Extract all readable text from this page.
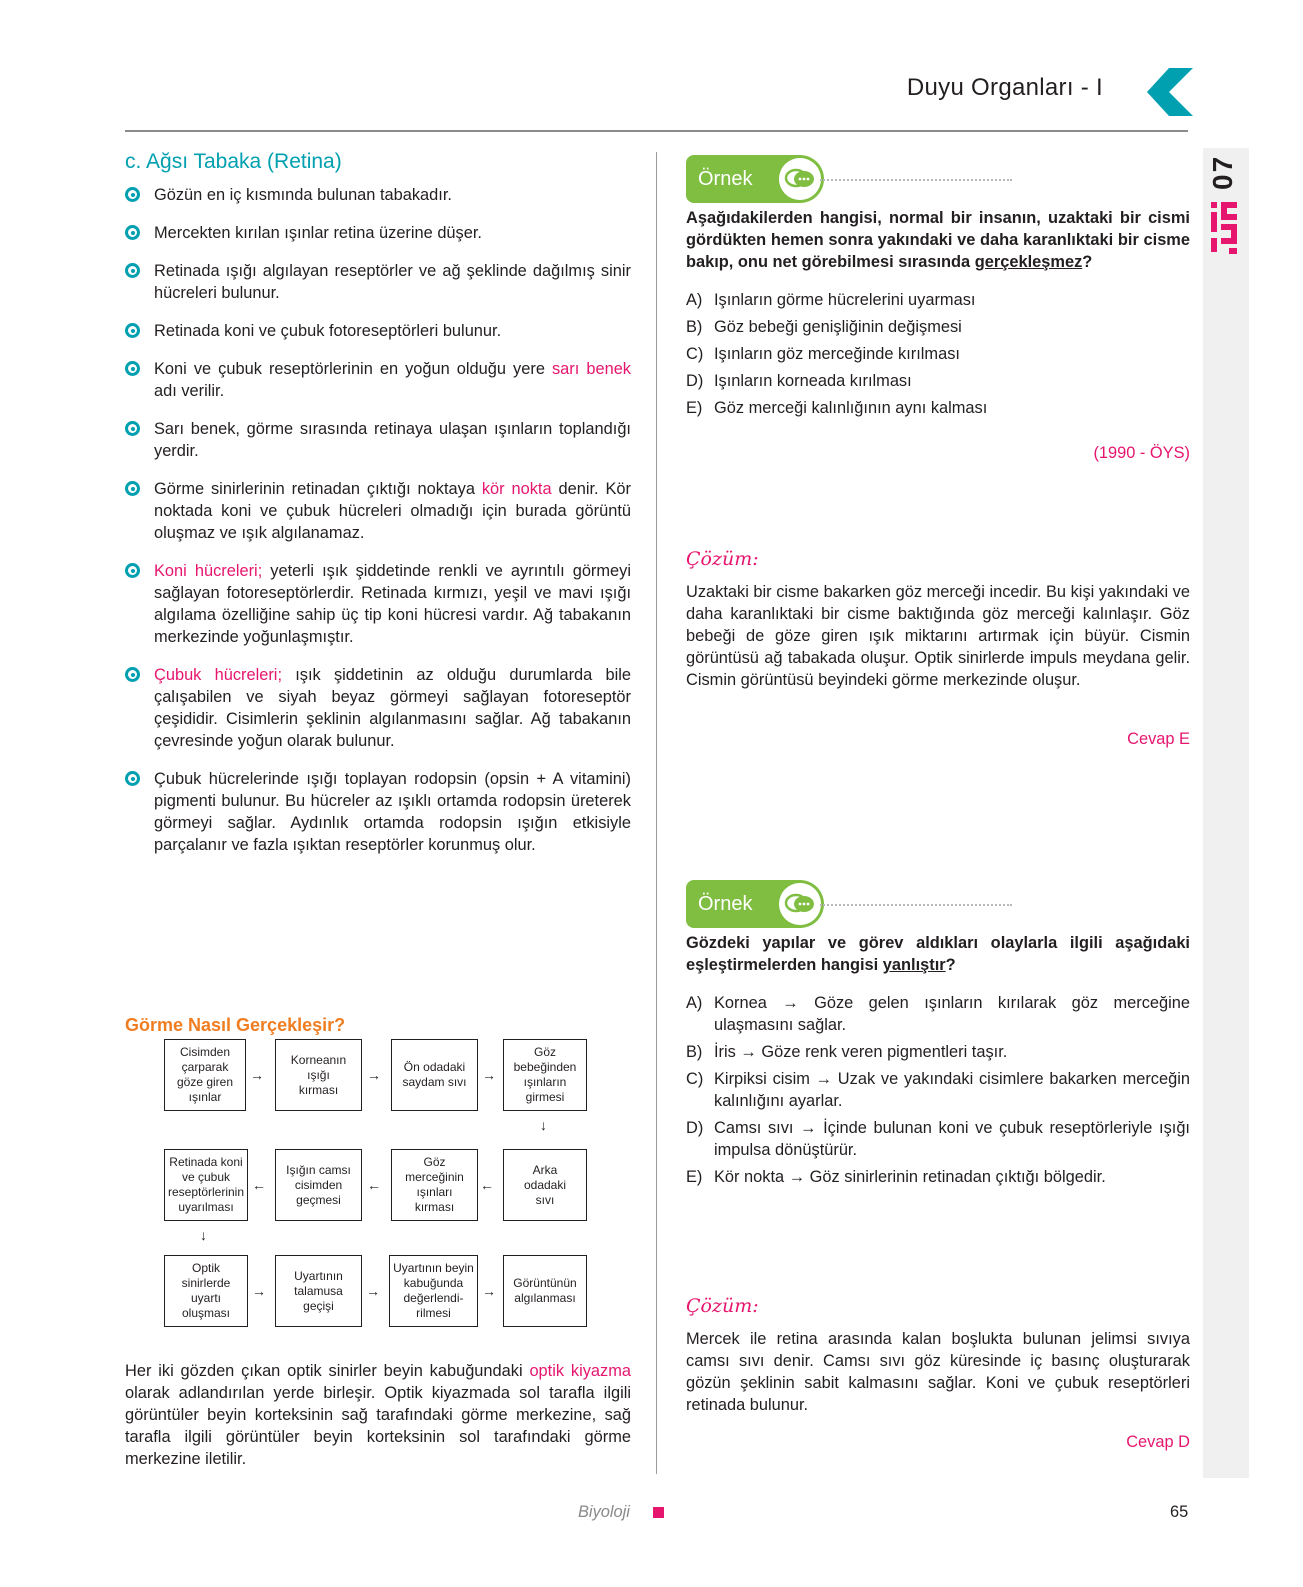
Duyu Organları - I
07
c. Ağsı Tabaka (Retina)
Gözün en iç kısmında bulunan tabakadır.
Mercekten kırılan ışınlar retina üzerine düşer.
Retinada ışığı algılayan reseptörler ve ağ şeklinde dağılmış sinir hücreleri bulunur.
Retinada koni ve çubuk fotoreseptörleri bulunur.
Koni ve çubuk reseptörlerinin en yoğun olduğu yere sarı benek adı verilir.
Sarı benek, görme sırasında retinaya ulaşan ışınların toplandığı yerdir.
Görme sinirlerinin retinadan çıktığı noktaya kör nokta denir. Kör noktada koni ve çubuk hücreleri olmadığı için burada görüntü oluşmaz ve ışık algılanamaz.
Koni hücreleri; yeterli ışık şiddetinde renkli ve ayrıntılı görmeyi sağlayan fotoreseptörlerdir. Retinada kırmızı, yeşil ve mavi ışığı algılama özelliğine sahip üç tip koni hücresi vardır. Ağ tabakanın merkezinde yoğunlaşmıştır.
Çubuk hücreleri; ışık şiddetinin az olduğu durumlarda bile çalışabilen ve siyah beyaz görmeyi sağlayan fotoreseptör çeşididir. Cisimlerin şeklinin algılanmasını sağlar. Ağ tabakanın çevresinde yoğun olarak bulunur.
Çubuk hücrelerinde ışığı toplayan rodopsin (opsin + A vitamini) pigmenti bulunur. Bu hücreler az ışıklı ortamda rodopsin üreterek görmeyi sağlar. Aydınlık ortamda rodopsin ışığın etkisiyle parçalanır ve fazla ışıktan reseptörler korunmuş olur.
Görme Nasıl Gerçekleşir?
Cisimden
çarparak
göze giren
ışınlar
→
Korneanın
ışığı
kırması
→	Ön odadaki
saydam sıvı	→
Göz
bebeğinden
ışınların
girmesi
↓
Retinada koni
ve çubuk
reseptörlerinin
uyarılması
←
Işığın camsı
cisimden
geçmesi
←
Göz
merceğinin
ışınları
kırması
←
Arka
odadaki
sıvı
↓
Optik
sinirlerde
uyartı
oluşması
→
Uyartının
talamusa
geçişi
→
Uyartının beyin
kabuğunda
değerlendi-
rilmesi
→	Görüntünün
algılanması
Her iki gözden çıkan optik sinirler beyin kabuğundaki optik kiyazma olarak adlandırılan yerde birleşir. Optik kiyazmada sol tarafla ilgili görüntüler beyin korteksinin sağ tarafındaki görme merkezine, sağ tarafla ilgili görüntüler beyin korteksinin sol tarafındaki görme merkezine iletilir.
Örnek
Aşağıdakilerden hangisi, normal bir insanın, uzaktaki bir cismi gördükten hemen sonra yakındaki ve daha karanlıktaki bir cisme bakıp, onu net görebilmesi sırasında gerçekleşmez?
A) Işınların görme hücrelerini uyarması
B) Göz bebeği genişliğinin değişmesi
C) Işınların göz merceğinde kırılması
D) Işınların korneada kırılması
E) Göz merceği kalınlığının aynı kalması
(1990 - ÖYS)
Çözüm:
Uzaktaki bir cisme bakarken göz merceği incedir. Bu kişi yakındaki ve daha karanlıktaki bir cisme baktığında göz merceği kalınlaşır. Göz bebeği de göze giren ışık miktarını artırmak için büyür. Cismin görüntüsü ağ tabakada oluşur. Optik sinirlerde impuls meydana gelir. Cismin görüntüsü beyindeki görme merkezinde oluşur.
Cevap E
Örnek
Gözdeki yapılar ve görev aldıkları olaylarla ilgili aşağıdaki eşleştirmelerden hangisi yanlıştır?
A) Kornea → Göze gelen ışınların kırılarak göz merceğine ulaşmasını sağlar.
B) İris → Göze renk veren pigmentleri taşır.
C) Kirpiksi cisim → Uzak ve yakındaki cisimlere bakarken merceğin kalınlığını ayarlar.
D) Camsı sıvı → İçinde bulunan koni ve çubuk reseptörleriyle ışığı impulsa dönüştürür.
E) Kör nokta → Göz sinirlerinin retinadan çıktığı bölgedir.
Çözüm:
Mercek ile retina arasında kalan boşlukta bulunan jelimsi sıvıya camsı sıvı denir. Camsı sıvı göz küresinde iç basınç oluşturarak gözün şeklinin sabit kalmasını sağlar. Koni ve çubuk reseptörleri retinada bulunur.
Cevap D
Biyoloji	65
